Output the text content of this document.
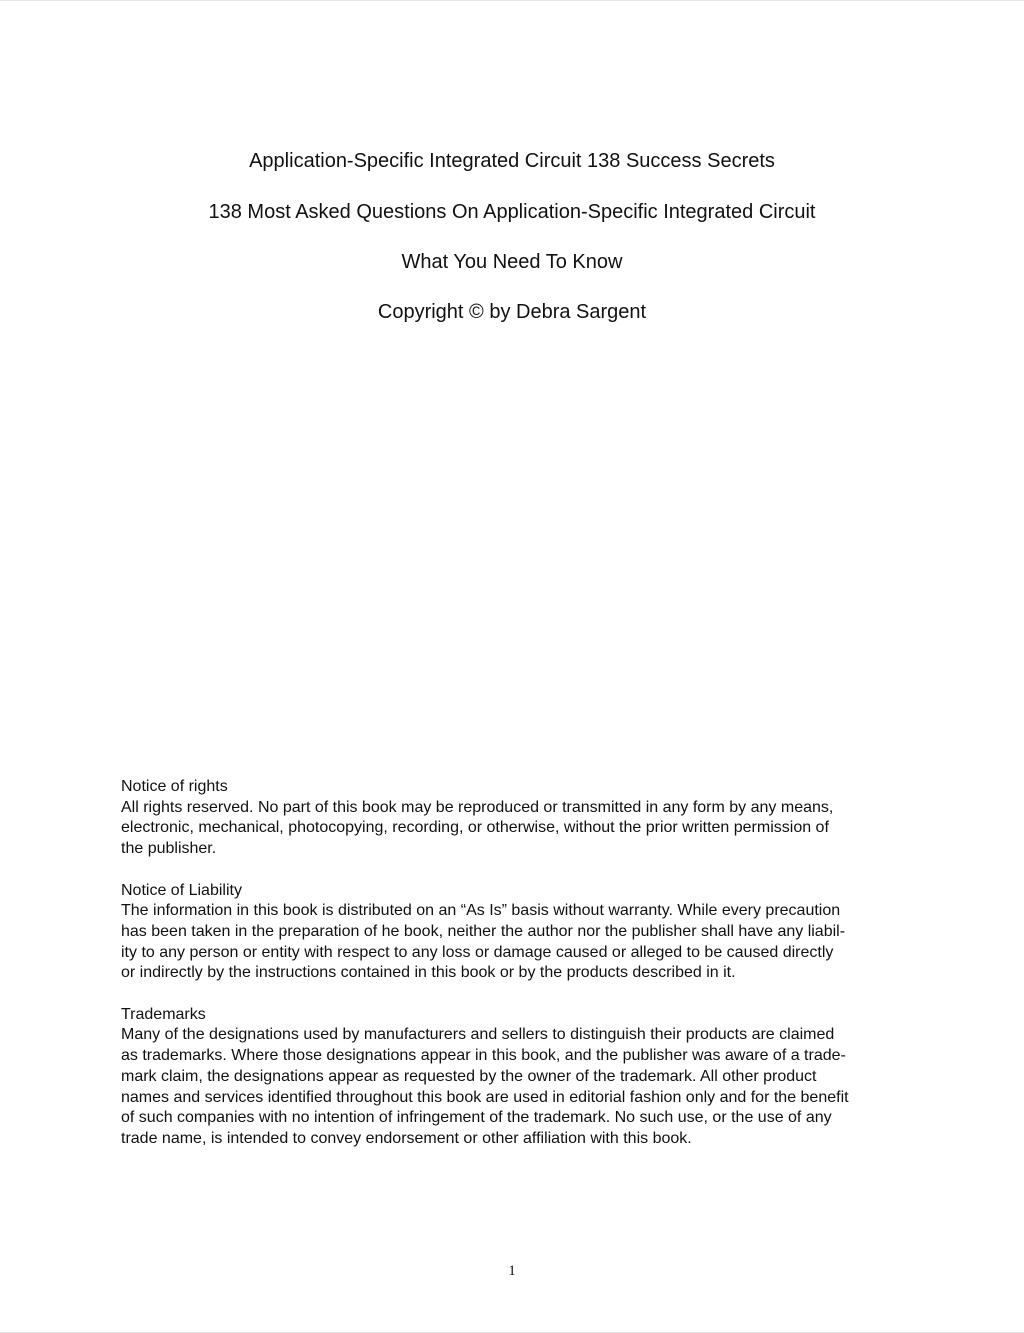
Application-Specific Integrated Circuit 138 Success Secrets
138 Most Asked Questions On Application-Specific Integrated Circuit
What You Need To Know
Copyright © by Debra Sargent
Notice of rights
All rights reserved. No part of this book may be reproduced or transmitted in any form by any means,
electronic, mechanical, photocopying, recording, or otherwise, without the prior written permission of
the publisher.
Notice of Liability
The information in this book is distributed on an “As Is” basis without warranty. While every precaution
has been taken in the preparation of he book, neither the author nor the publisher shall have any liabil-
ity to any person or entity with respect to any loss or damage caused or alleged to be caused directly
or indirectly by the instructions contained in this book or by the products described in it.
Trademarks
Many of the designations used by manufacturers and sellers to distinguish their products are claimed
as trademarks. Where those designations appear in this book, and the publisher was aware of a trade-
mark claim, the designations appear as requested by the owner of the trademark. All other product
names and services identified throughout this book are used in editorial fashion only and for the benefit
of such companies with no intention of infringement of the trademark. No such use, or the use of any
trade name, is intended to convey endorsement or other affiliation with this book.
1
